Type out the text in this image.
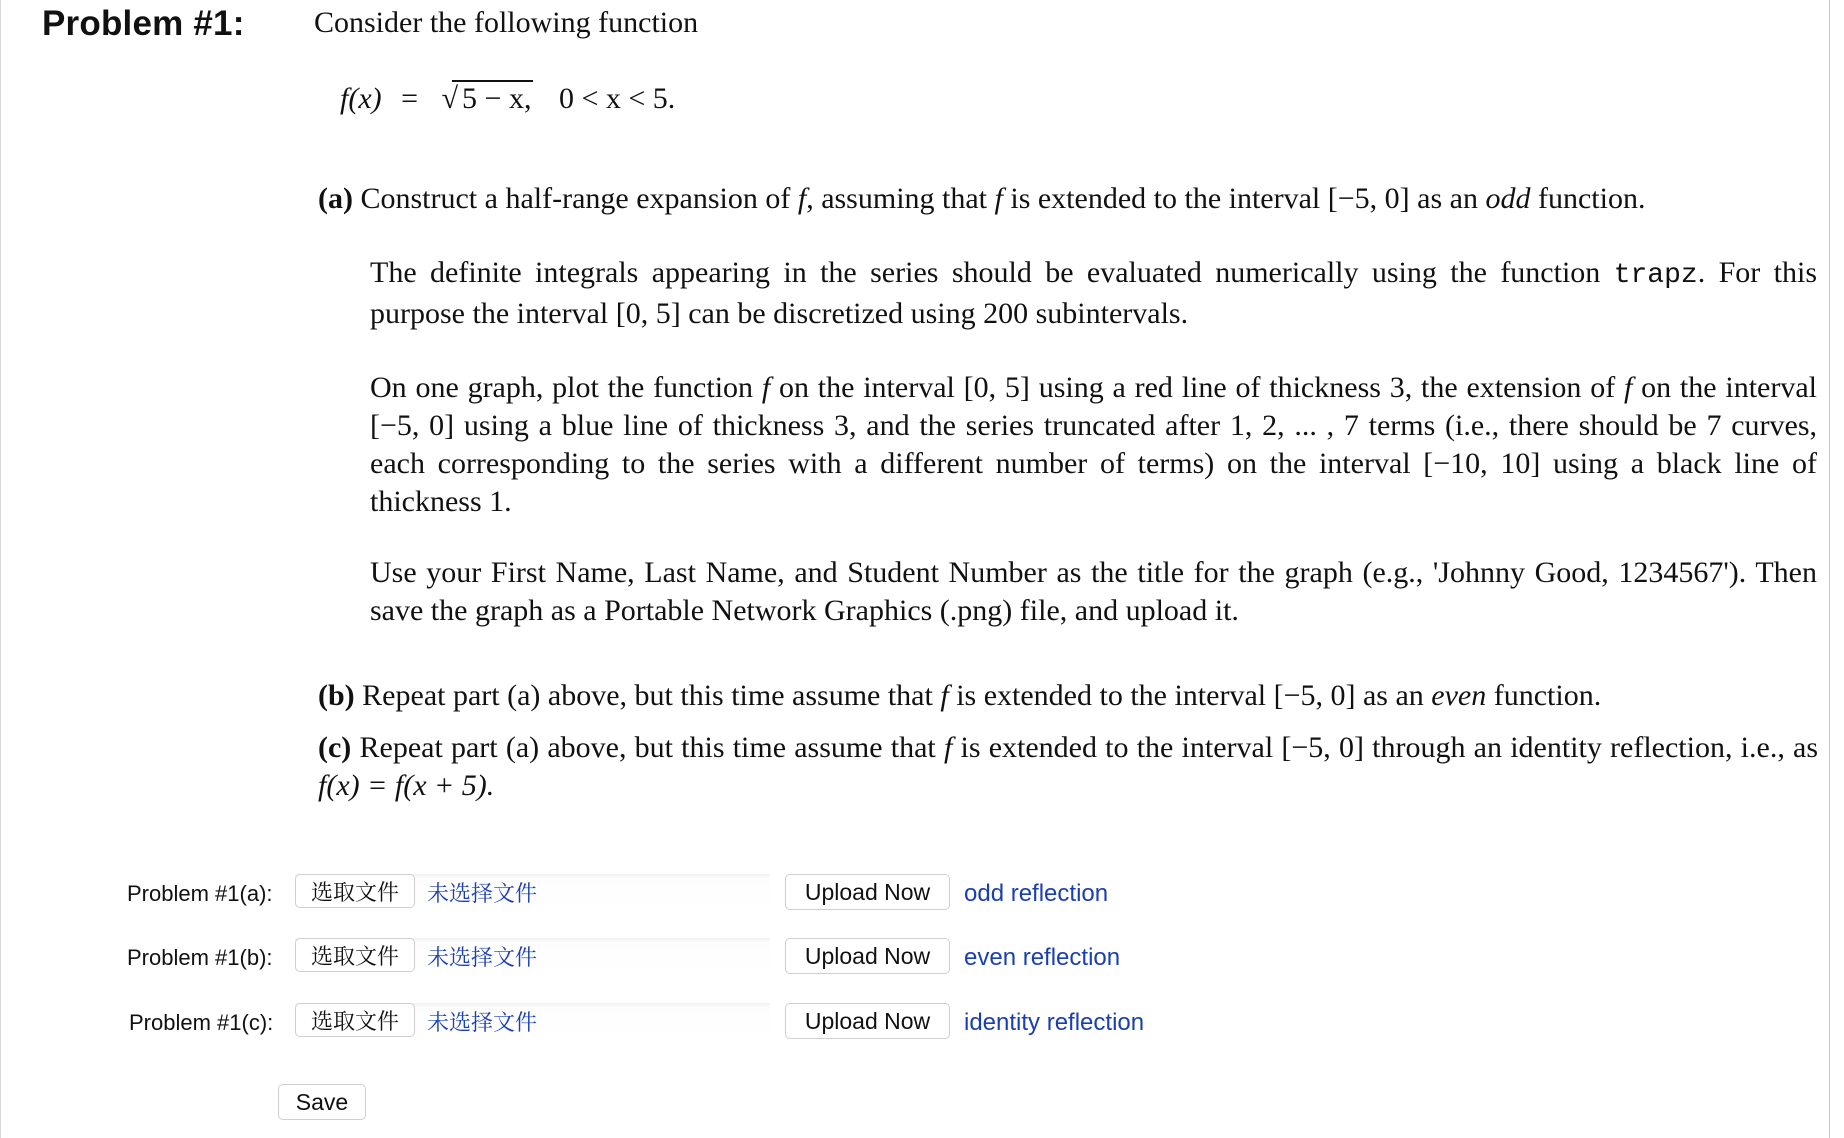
Problem #1: Consider the following function
f(x) = √ 5 − x, 0 < x < 5.
(a) Construct a half-range expansion of f, assuming that f is extended to the interval [−5, 0] as an odd function.
The definite integrals appearing in the series should be evaluated numerically using the function trapz. For this purpose the interval [0, 5] can be discretized using 200 subintervals.
On one graph, plot the function f on the interval [0, 5] using a red line of thickness 3, the extension of f on the interval [−5, 0] using a blue line of thickness 3, and the series truncated after 1, 2, ... , 7 terms (i.e., there should be 7 curves, each corresponding to the series with a different number of terms) on the interval [−10, 10] using a black line of thickness 1.
Use your First Name, Last Name, and Student Number as the title for the graph (e.g., 'Johnny Good, 1234567'). Then save the graph as a Portable Network Graphics (.png) file, and upload it.
(b) Repeat part (a) above, but this time assume that f is extended to the interval [−5, 0] as an even function.
(c) Repeat part (a) above, but this time assume that f is extended to the interval [−5, 0] through an identity reflection, i.e., as f(x) = f(x + 5).
Problem #1(a):	选取文件	未选择文件	Upload Now	odd reflection
Problem #1(b):	选取文件	未选择文件	Upload Now	even reflection
Problem #1(c):	选取文件	未选择文件	Upload Now	identity reflection
Save
